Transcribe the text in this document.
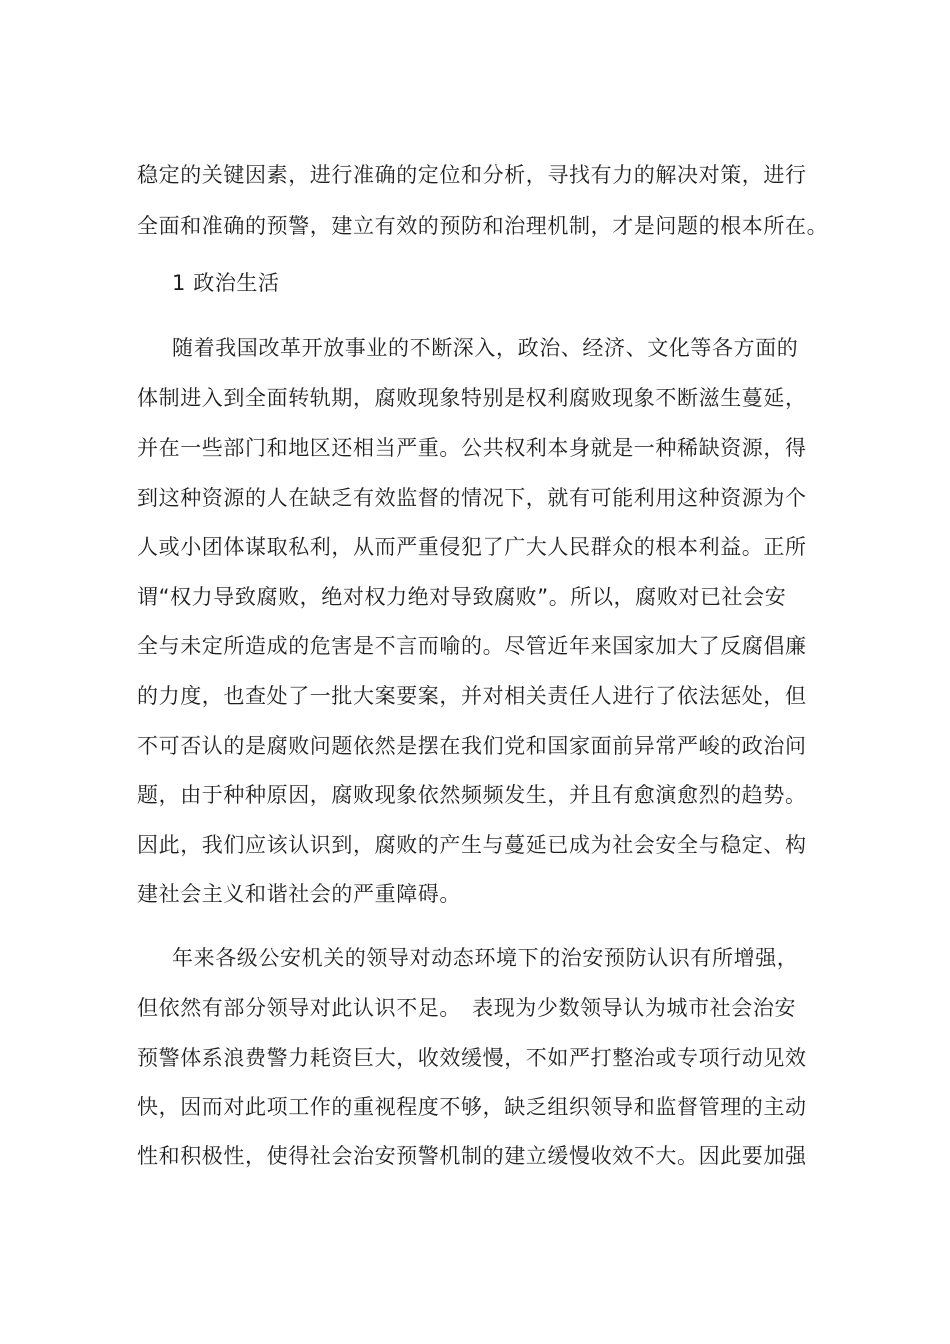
稳定的关键因素，进行准确的定位和分析，寻找有力的解决对策，进行
全面和准确的预警，建立有效的预防和治理机制，才是问题的根本所在。
1 政治生活
随着我国改革开放事业的不断深入，政治、经济、文化等各方面的
体制进入到全面转轨期，腐败现象特别是权利腐败现象不断滋生蔓延，
并在一些部门和地区还相当严重。公共权利本身就是一种稀缺资源，得
到这种资源的人在缺乏有效监督的情况下，就有可能利用这种资源为个
人或小团体谋取私利，从而严重侵犯了广大人民群众的根本利益。正所
谓“权力导致腐败，绝对权力绝对导致腐败”。所以，腐败对已社会安
全与未定所造成的危害是不言而喻的。尽管近年来国家加大了反腐倡廉
的力度，也查处了一批大案要案，并对相关责任人进行了依法惩处，但
不可否认的是腐败问题依然是摆在我们党和国家面前异常严峻的政治问
题，由于种种原因，腐败现象依然频频发生，并且有愈演愈烈的趋势。
因此，我们应该认识到，腐败的产生与蔓延已成为社会安全与稳定、构
建社会主义和谐社会的严重障碍。
年来各级公安机关的领导对动态环境下的治安预防认识有所增强，
但依然有部分领导对此认识不足。　表现为少数领导认为城市社会治安
预警体系浪费警力耗资巨大，收效缓慢，不如严打整治或专项行动见效
快，因而对此项工作的重视程度不够，缺乏组织领导和监督管理的主动
性和积极性，使得社会治安预警机制的建立缓慢收效不大。因此要加强
